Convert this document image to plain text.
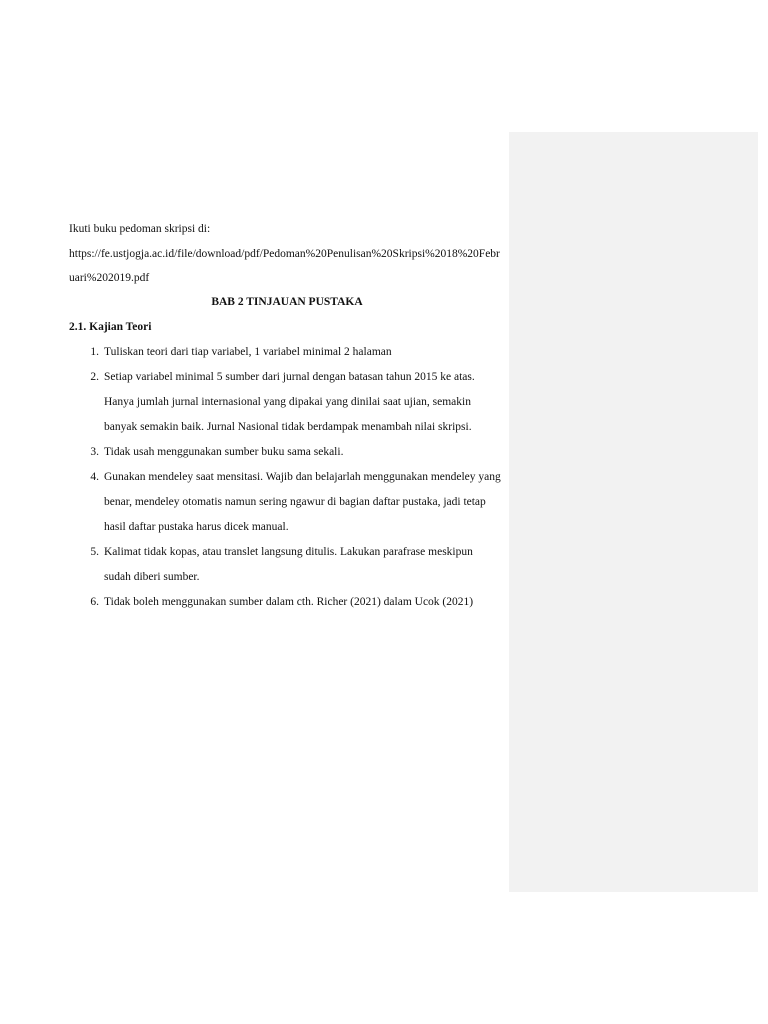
Ikuti buku pedoman skripsi di:
https://fe.ustjogja.ac.id/file/download/pdf/Pedoman%20Penulisan%20Skripsi%2018%20Febr
uari%202019.pdf
BAB 2 TINJAUAN PUSTAKA
2.1. Kajian Teori
1. Tuliskan teori dari tiap variabel, 1 variabel minimal 2 halaman
2. Setiap variabel minimal 5 sumber dari jurnal dengan batasan tahun 2015 ke atas.
Hanya jumlah jurnal internasional yang dipakai yang dinilai saat ujian, semakin
banyak semakin baik. Jurnal Nasional tidak berdampak menambah nilai skripsi.
3. Tidak usah menggunakan sumber buku sama sekali.
4. Gunakan mendeley saat mensitasi. Wajib dan belajarlah menggunakan mendeley yang
benar, mendeley otomatis namun sering ngawur di bagian daftar pustaka, jadi tetap
hasil daftar pustaka harus dicek manual.
5. Kalimat tidak kopas, atau translet langsung ditulis. Lakukan parafrase meskipun
sudah diberi sumber.
6. Tidak boleh menggunakan sumber dalam cth. Richer (2021) dalam Ucok (2021)
